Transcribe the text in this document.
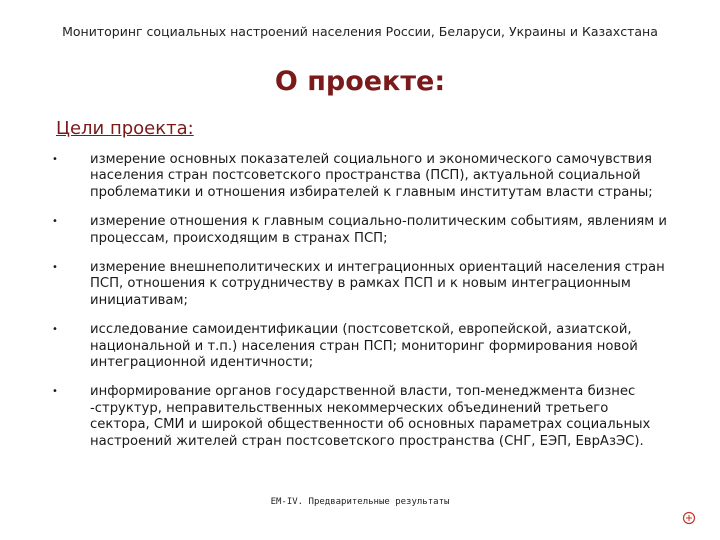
Мониторинг социальных настроений населения России, Беларуси, Украины и Казахстана
О проекте:
Цели проекта:
• измерение основных показателей социального и экономического самочувствия населения стран постсоветского пространства (ПСП), актуальной социальной проблематики и отношения избирателей к главным институтам власти страны;
• измерение отношения к главным социально-политическим событиям, явлениям и процессам, происходящим в странах ПСП;
• измерение внешнеполитических и интеграционных ориентаций населения стран ПСП, отношения к сотрудничеству в рамках ПСП и к новым интеграционным инициативам;
• исследование самоидентификации (постсоветской, европейской, азиатской, национальной и т.п.) населения стран ПСП; мониторинг формирования новой интеграционной идентичности;
• информирование органов государственной власти, топ-менеджмента бизнес -структур, неправительственных некоммерческих объединений третьего сектора, СМИ и широкой общественности об основных параметрах социальных настроений жителей стран постсоветского пространства (СНГ, ЕЭП, ЕврАзЭС).
EM-IV. Предварительные результаты
